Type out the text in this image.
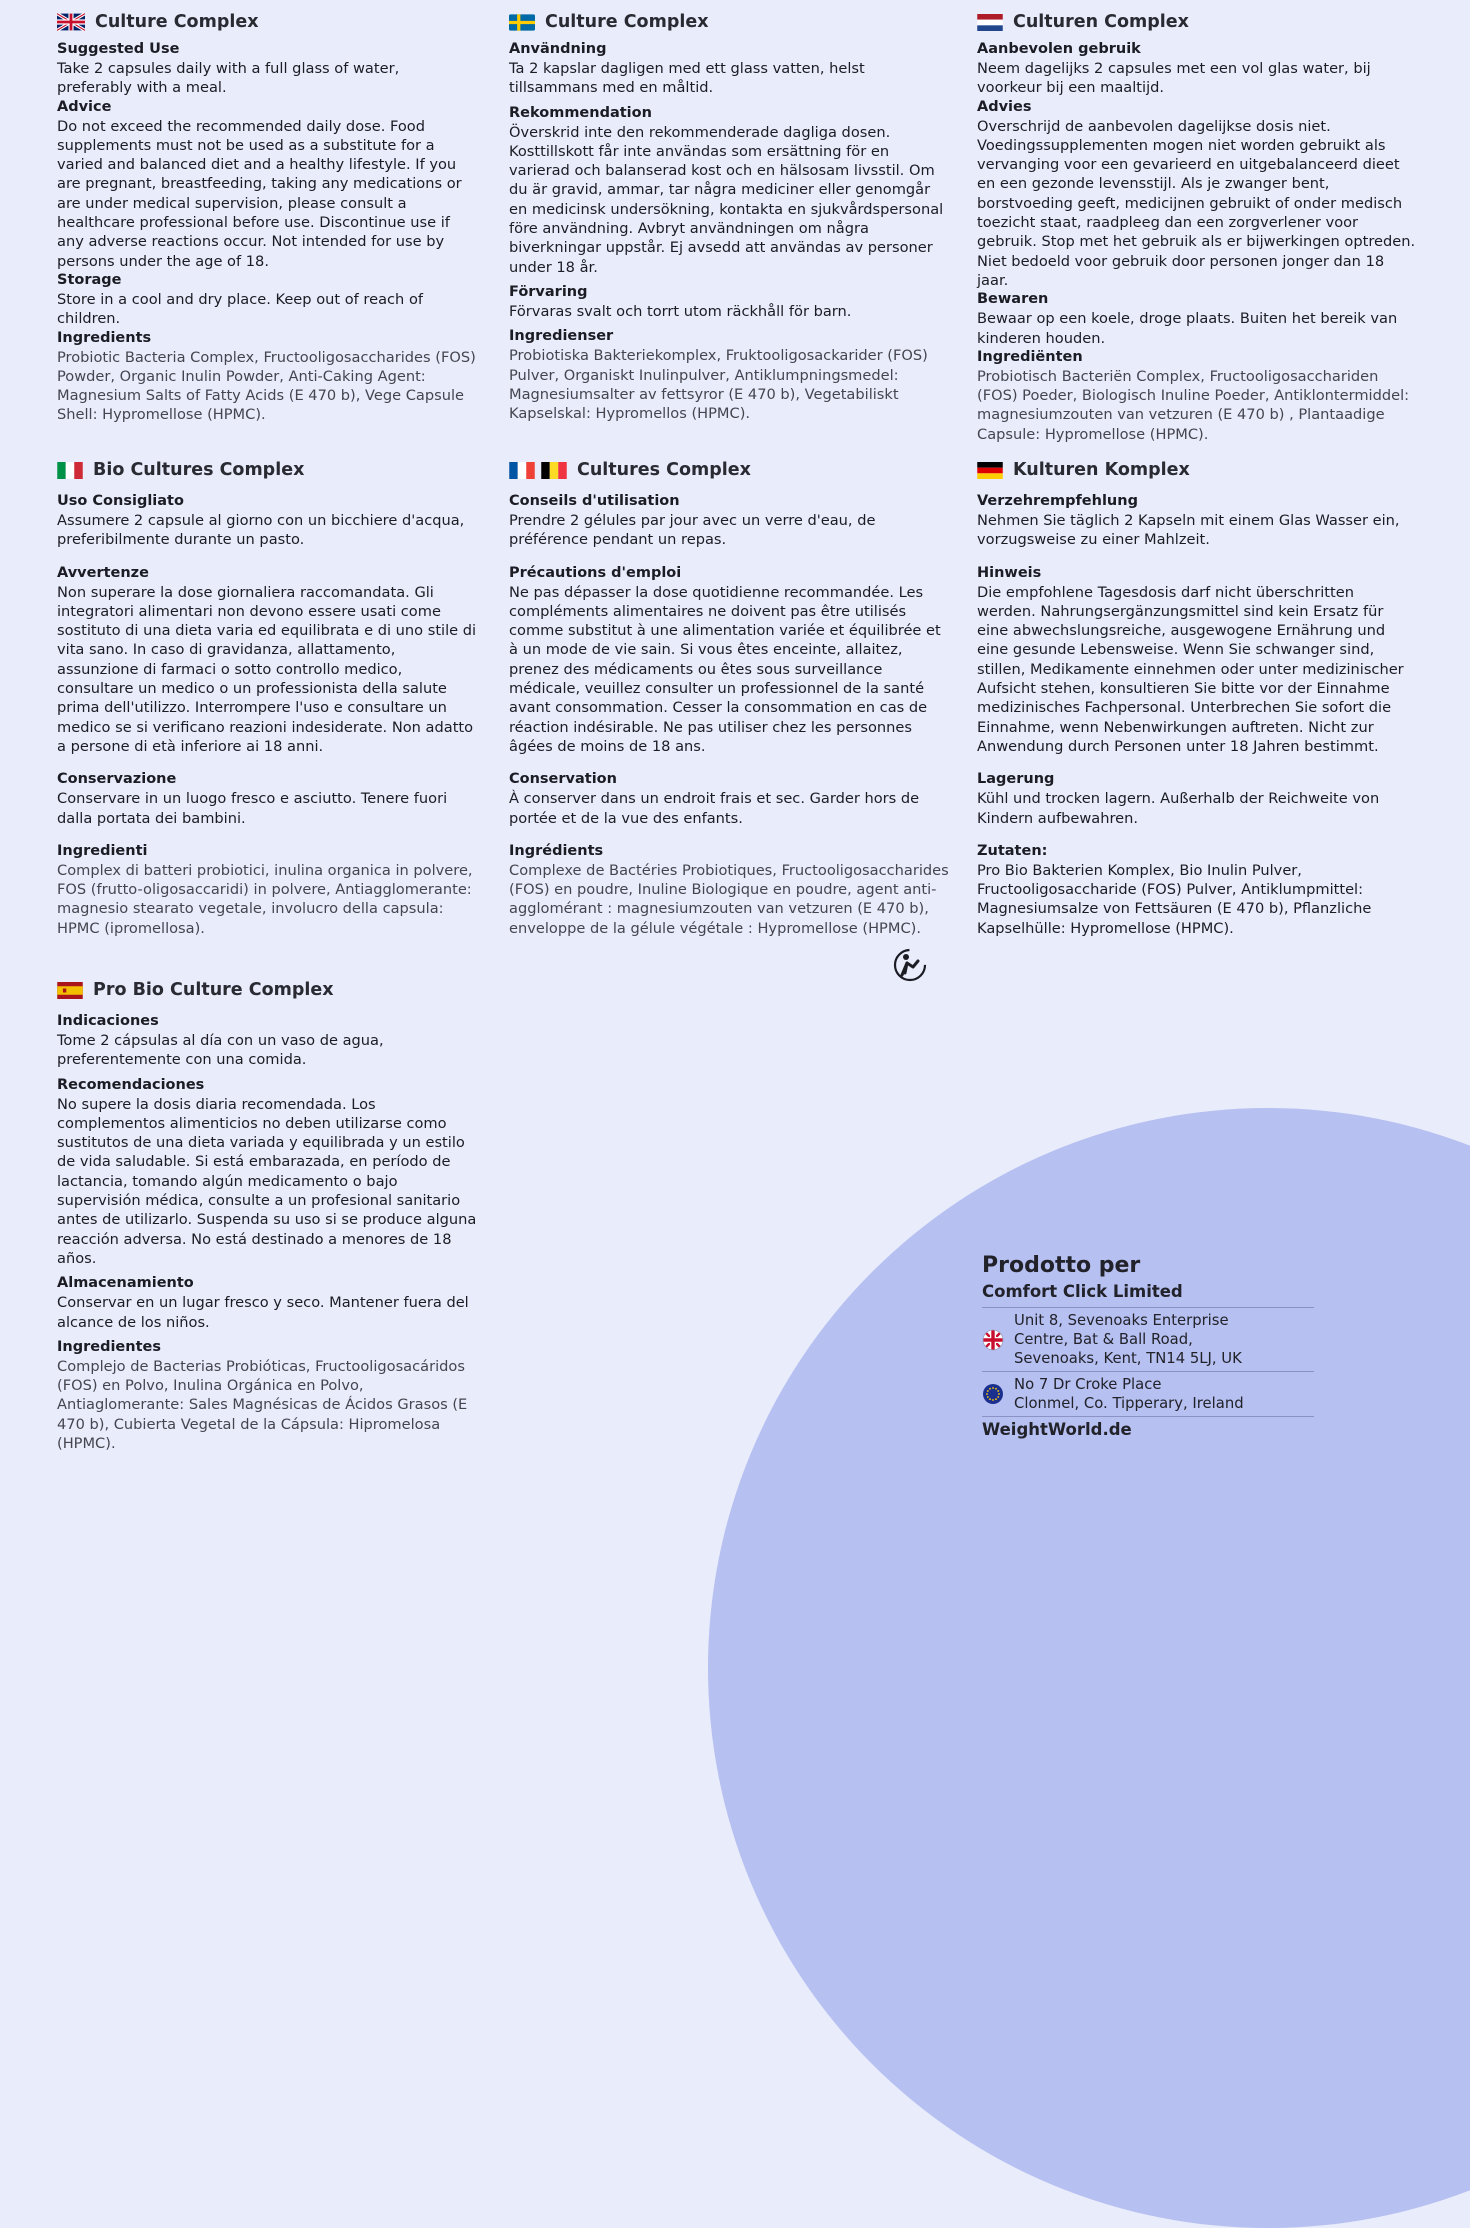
Culture Complex
Suggested Use

Take 2 capsules daily with a full glass of water, preferably with a meal.

Advice

Do not exceed the recommended daily dose. Food supplements must not be used as a substitute for a varied and balanced diet and a healthy lifestyle. If you are pregnant, breastfeeding, taking any medications or are under medical supervision, please consult a healthcare professional before use. Discontinue use if any adverse reactions occur. Not intended for use by persons under the age of 18.

Storage

Store in a cool and dry place. Keep out of reach of children.

Ingredients

Probiotic Bacteria Complex, Fructooligosaccharides (FOS) Powder, Organic Inulin Powder, Anti-Caking Agent: Magnesium Salts of Fatty Acids (E 470 b), Vege Capsule Shell: Hypromellose (HPMC).

Culture Complex
Användning

Ta 2 kapslar dagligen med ett glass vatten, helst tillsammans med en måltid.

Rekommendation

Överskrid inte den rekommenderade dagliga dosen. Kosttillskott får inte användas som ersättning för en varierad och balanserad kost och en hälsosam livsstil. Om du är gravid, ammar, tar några mediciner eller genomgår en medicinsk undersökning, kontakta en sjukvårdspersonal före användning. Avbryt användningen om några biverkningar uppstår. Ej avsedd att användas av personer under 18 år.

Förvaring

Förvaras svalt och torrt utom räckhåll för barn.

Ingredienser

Probiotiska Bakteriekomplex, Fruktooligosackarider (FOS) Pulver, Organiskt Inulinpulver, Antiklumpningsmedel: Magnesiumsalter av fettsyror (E 470 b), Vegetabiliskt Kapselskal: Hypromellos (HPMC).

Culturen Complex
Aanbevolen gebruik

Neem dagelijks 2 capsules met een vol glas water, bij voorkeur bij een maaltijd.

Advies

Overschrijd de aanbevolen dagelijkse dosis niet. Voedingssupplementen mogen niet worden gebruikt als vervanging voor een gevarieerd en uitgebalanceerd dieet en een gezonde levensstijl. Als je zwanger bent, borstvoeding geeft, medicijnen gebruikt of onder medisch toezicht staat, raadpleeg dan een zorgverlener voor gebruik. Stop met het gebruik als er bijwerkingen optreden. Niet bedoeld voor gebruik door personen jonger dan 18 jaar.

Bewaren

Bewaar op een koele, droge plaats. Buiten het bereik van kinderen houden.

Ingrediënten

Probiotisch Bacteriën Complex, Fructooligosacchariden (FOS) Poeder, Biologisch Inuline Poeder, Antiklontermiddel: magnesiumzouten van vetzuren (E 470 b) , Plantaadige Capsule: Hypromellose (HPMC).

Bio Cultures Complex
Uso Consigliato

Assumere 2 capsule al giorno con un bicchiere d'acqua, preferibilmente durante un pasto.

Avvertenze

Non superare la dose giornaliera raccomandata. Gli integratori alimentari non devono essere usati come sostituto di una dieta varia ed equilibrata e di uno stile di vita sano. In caso di gravidanza, allattamento, assunzione di farmaci o sotto controllo medico, consultare un medico o un professionista della salute prima dell'utilizzo. Interrompere l'uso e consultare un medico se si verificano reazioni indesiderate. Non adatto a persone di età inferiore ai 18 anni.

Conservazione

Conservare in un luogo fresco e asciutto. Tenere fuori dalla portata dei bambini.

Ingredienti

Complex di batteri probiotici, inulina organica in polvere, FOS (frutto-oligosaccaridi) in polvere, Antiagglomerante: magnesio stearato vegetale, involucro della capsula: HPMC (ipromellosa).

Cultures Complex
Conseils d'utilisation

Prendre 2 gélules par jour avec un verre d'eau, de préférence pendant un repas.

Précautions d'emploi

Ne pas dépasser la dose quotidienne recommandée. Les compléments alimentaires ne doivent pas être utilisés comme substitut à une alimentation variée et équilibrée et à un mode de vie sain. Si vous êtes enceinte, allaitez, prenez des médicaments ou êtes sous surveillance médicale, veuillez consulter un professionnel de la santé avant consommation. Cesser la consommation en cas de réaction indésirable. Ne pas utiliser chez les personnes âgées de moins de 18 ans.

Conservation

À conserver dans un endroit frais et sec. Garder hors de portée et de la vue des enfants.

Ingrédients

Complexe de Bactéries Probiotiques, Fructooligosaccharides (FOS) en poudre, Inuline Biologique en poudre, agent anti-agglomérant : magnesiumzouten van vetzuren (E 470 b), enveloppe de la gélule végétale : Hypromellose (HPMC).

Kulturen Komplex
Verzehrempfehlung

Nehmen Sie täglich 2 Kapseln mit einem Glas Wasser ein, vorzugsweise zu einer Mahlzeit.

Hinweis

Die empfohlene Tagesdosis darf nicht überschritten werden. Nahrungsergänzungsmittel sind kein Ersatz für eine abwechslungsreiche, ausgewogene Ernährung und eine gesunde Lebensweise. Wenn Sie schwanger sind, stillen, Medikamente einnehmen oder unter medizinischer Aufsicht stehen, konsultieren Sie bitte vor der Einnahme medizinisches Fachpersonal. Unterbrechen Sie sofort die Einnahme, wenn Nebenwirkungen auftreten. Nicht zur Anwendung durch Personen unter 18 Jahren bestimmt.

Lagerung

Kühl und trocken lagern. Außerhalb der Reichweite von Kindern aufbewahren.

Zutaten:

Pro Bio Bakterien Komplex, Bio Inulin Pulver, Fructooligosaccharide (FOS) Pulver, Antiklumpmittel: Magnesiumsalze von Fettsäuren (E 470 b), Pflanzliche Kapselhülle: Hypromellose (HPMC).

Pro Bio Culture Complex
Indicaciones

Tome 2 cápsulas al día con un vaso de agua, preferentemente con una comida.

Recomendaciones

No supere la dosis diaria recomendada. Los complementos alimenticios no deben utilizarse como sustitutos de una dieta variada y equilibrada y un estilo de vida saludable. Si está embarazada, en período de lactancia, tomando algún medicamento o bajo supervisión médica, consulte a un profesional sanitario antes de utilizarlo. Suspenda su uso si se produce alguna reacción adversa. No está destinado a menores de 18 años.

Almacenamiento

Conservar en un lugar fresco y seco. Mantener fuera del alcance de los niños.

Ingredientes

Complejo de Bacterias Probióticas, Fructooligosacáridos (FOS) en Polvo, Inulina Orgánica en Polvo, Antiaglomerante: Sales Magnésicas de Ácidos Grasos (E 470 b), Cubierta Vegetal de la Cápsula: Hipromelosa (HPMC).

Prodotto per
Comfort Click Limited
Unit 8, Sevenoaks Enterprise
Centre, Bat & Ball Road,
Sevenoaks, Kent, TN14 5LJ, UK
No 7 Dr Croke Place
Clonmel, Co. Tipperary, Ireland
WeightWorld.de
